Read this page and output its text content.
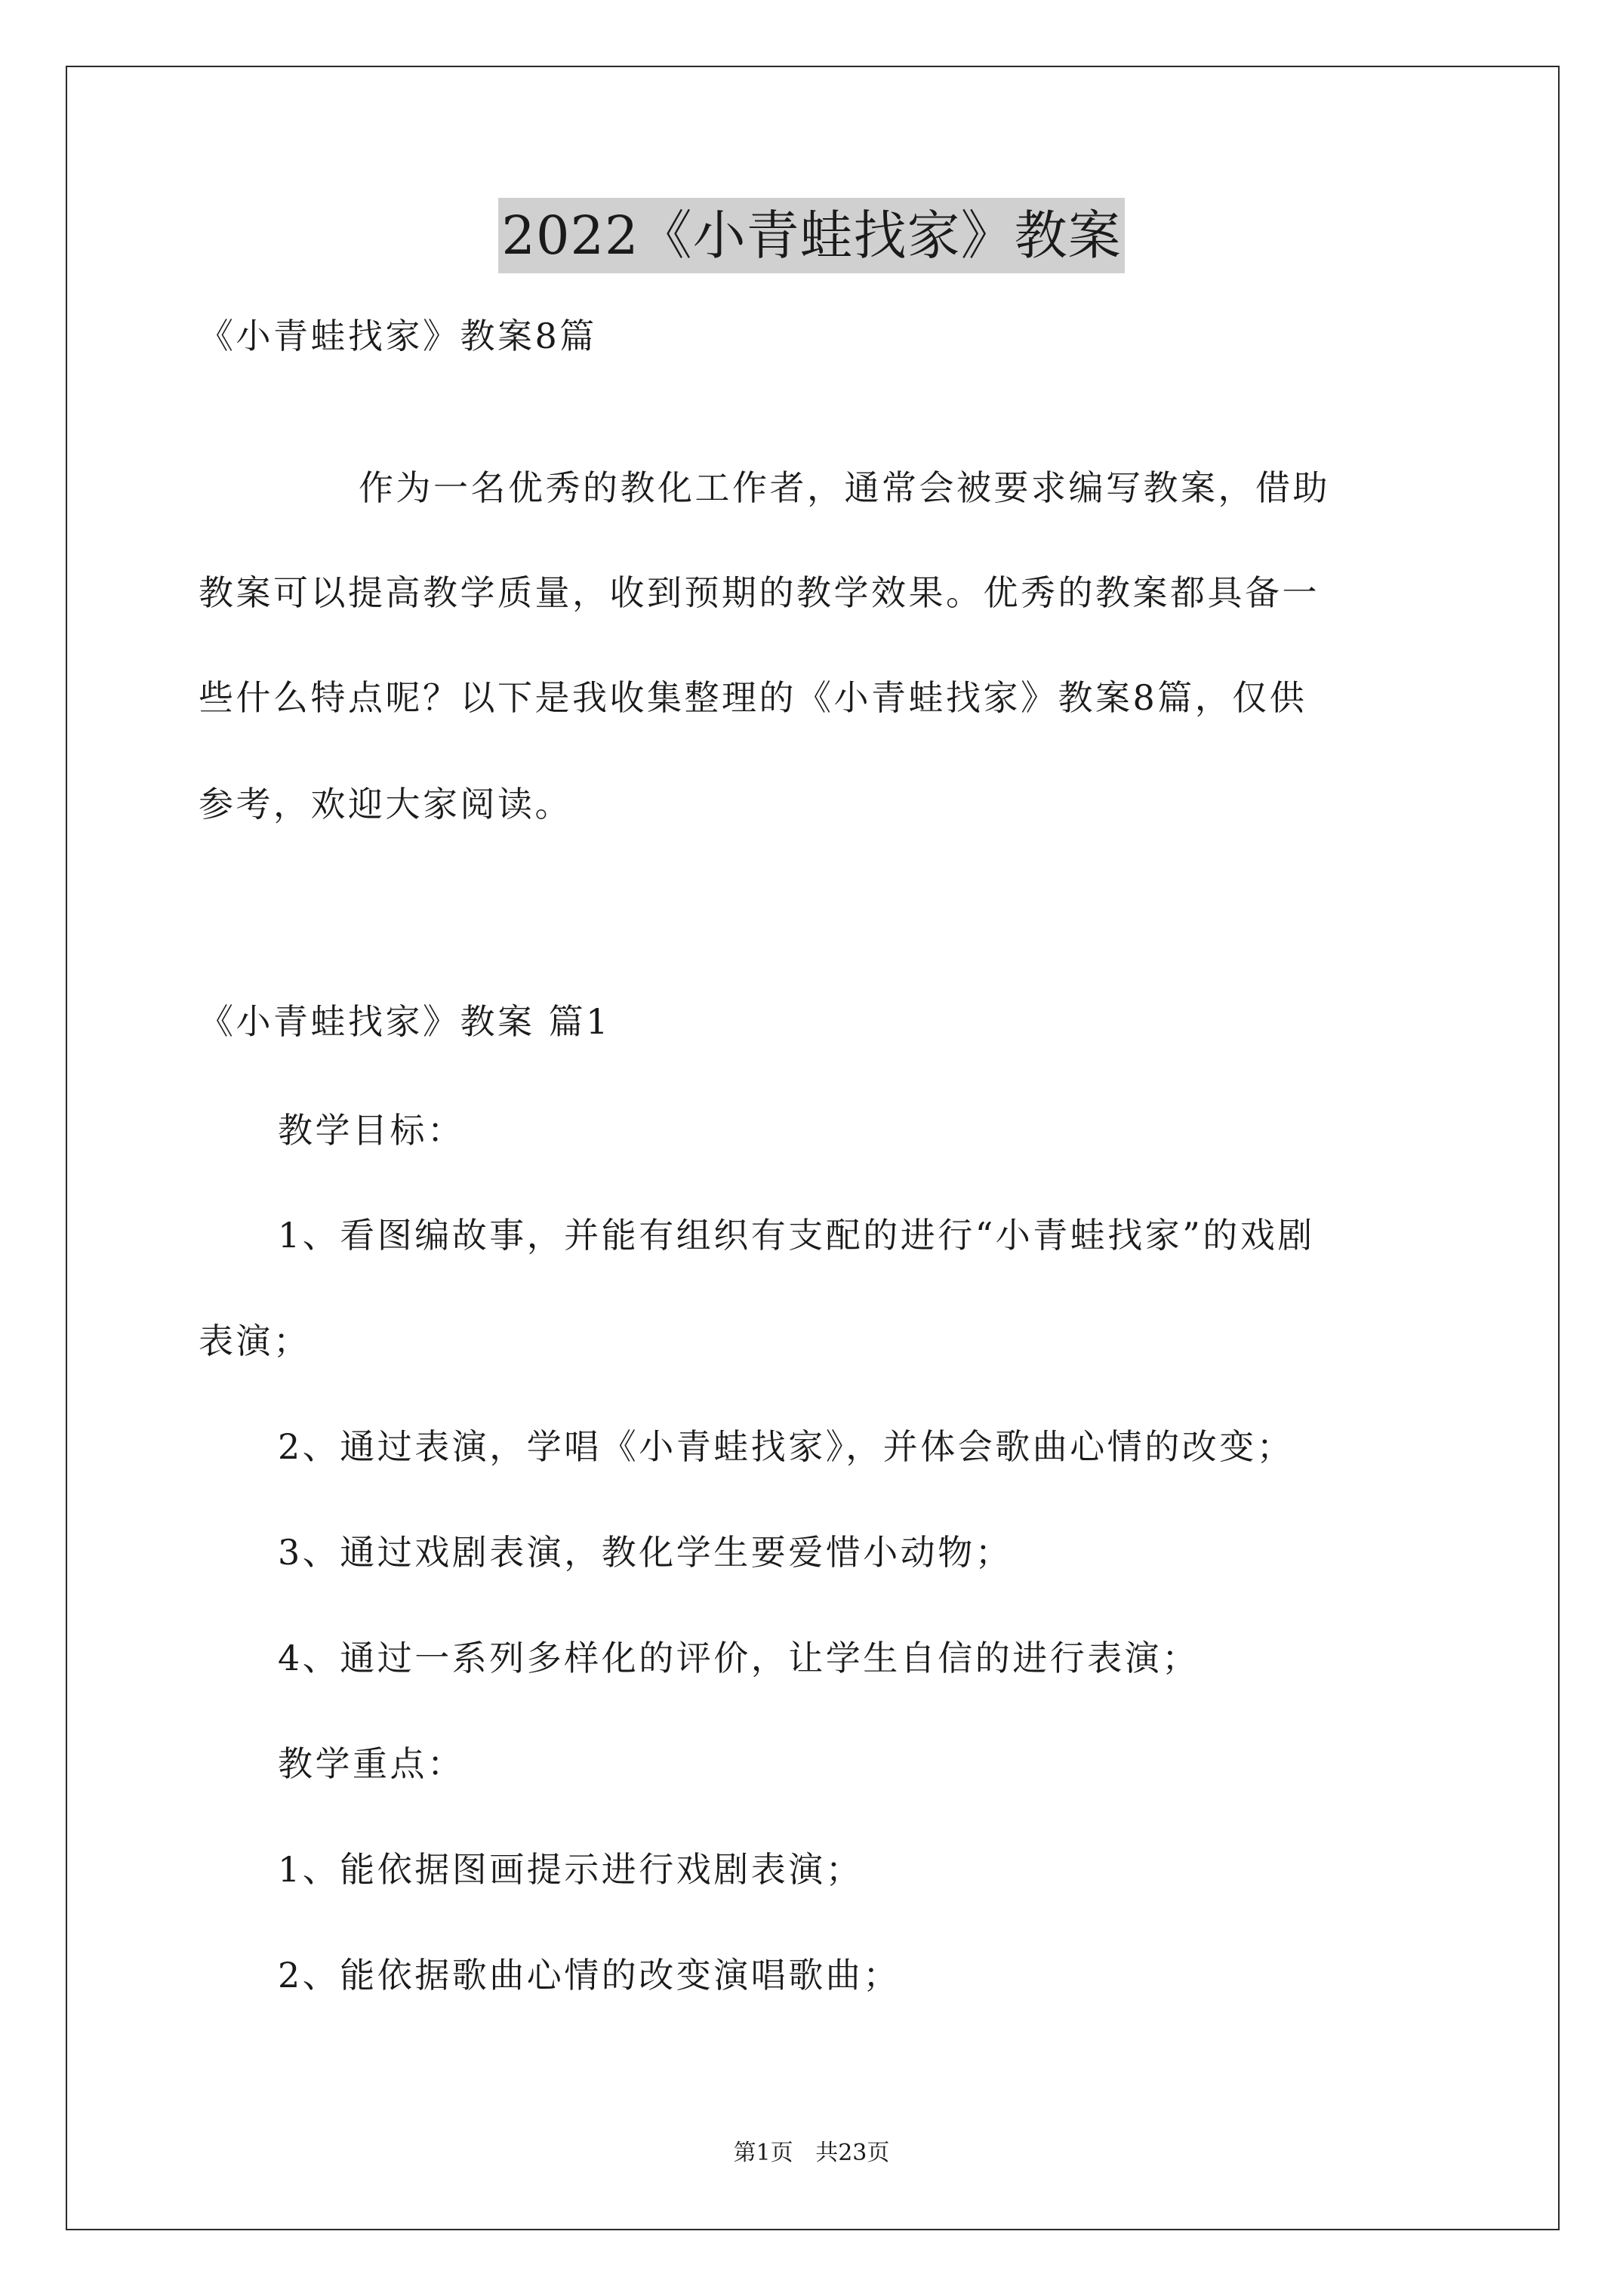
2022《小青蛙找家》教案
《小青蛙找家》教案8篇
作为一名优秀的教化工作者，通常会被要求编写教案，借助
教案可以提高教学质量，收到预期的教学效果。优秀的教案都具备一
些什么特点呢？以下是我收集整理的《小青蛙找家》教案8篇，仅供
参考，欢迎大家阅读。
《小青蛙找家》教案 篇1
教学目标：
1、看图编故事，并能有组织有支配的进行“小青蛙找家”的戏剧
表演；
2、通过表演，学唱《小青蛙找家》，并体会歌曲心情的改变；
3、通过戏剧表演，教化学生要爱惜小动物；
4、通过一系列多样化的评价，让学生自信的进行表演；
教学重点：
1、能依据图画提示进行戏剧表演；
2、能依据歌曲心情的改变演唱歌曲；
第1页 共23页
